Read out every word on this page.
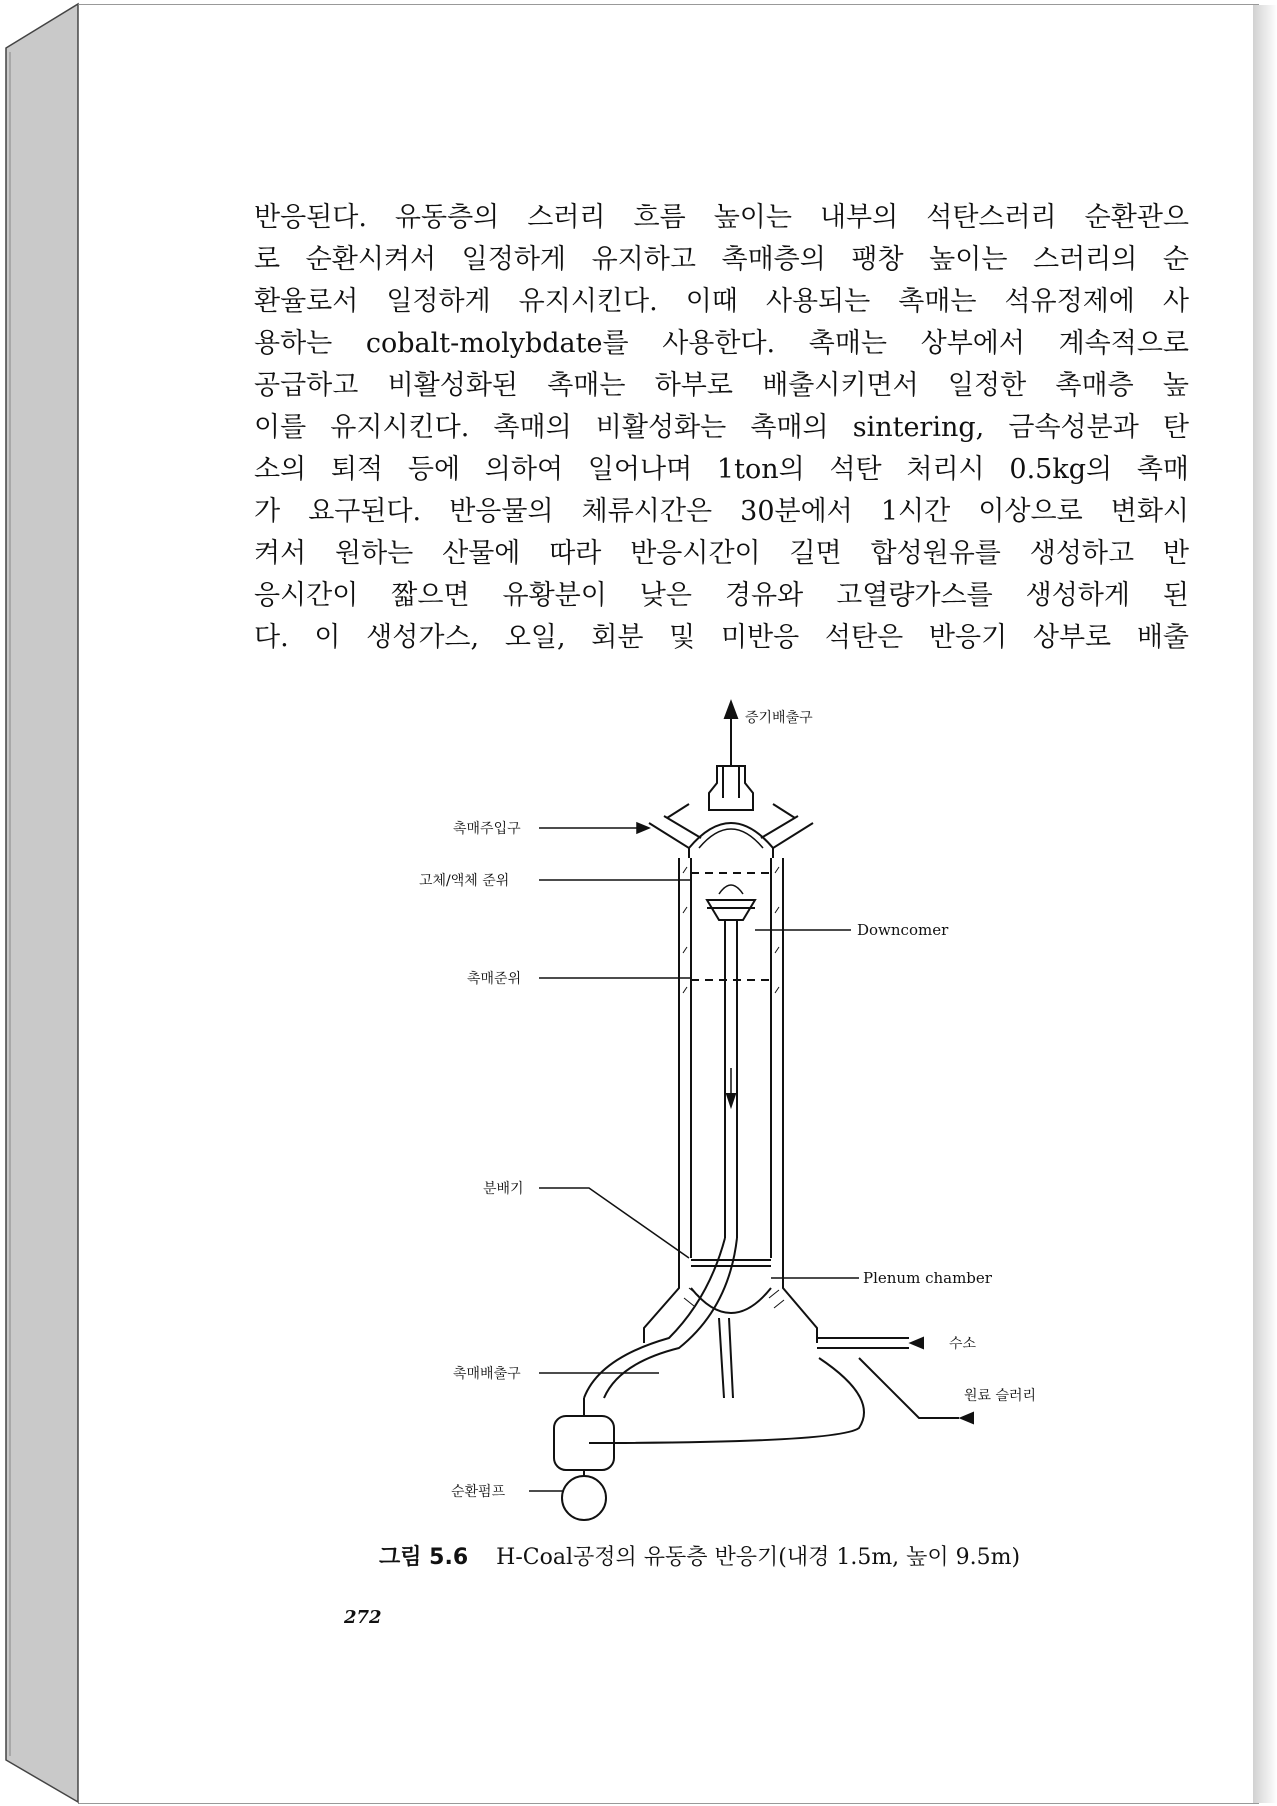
반응된다. 유동층의 스러리 흐름 높이는 내부의 석탄스러리 순환관으
로 순환시켜서 일정하게 유지하고 촉매층의 팽창 높이는 스러리의 순
환율로서 일정하게 유지시킨다. 이때 사용되는 촉매는 석유정제에 사
용하는 cobalt-molybdate를 사용한다. 촉매는 상부에서 계속적으로
공급하고 비활성화된 촉매는 하부로 배출시키면서 일정한 촉매층 높
이를 유지시킨다. 촉매의 비활성화는 촉매의 sintering, 금속성분과 탄
소의 퇴적 등에 의하여 일어나며 1ton의 석탄 처리시 0.5kg의 촉매
가 요구된다. 반응물의 체류시간은 30분에서 1시간 이상으로 변화시
켜서 원하는 산물에 따라 반응시간이 길면 합성원유를 생성하고 반
응시간이 짧으면 유황분이 낮은 경유와 고열량가스를 생성하게 된
다. 이 생성가스, 오일, 회분 및 미반응 석탄은 반응기 상부로 배출
증기배출구
촉매주입구
고체/액체 준위
Downcomer
촉매준위
분배기
Plenum chamber
촉매배출구
수소
원료 슬러리
순환펌프
그림 5.6 H-Coal공정의 유동층 반응기(내경 1.5m, 높이 9.5m)
272
